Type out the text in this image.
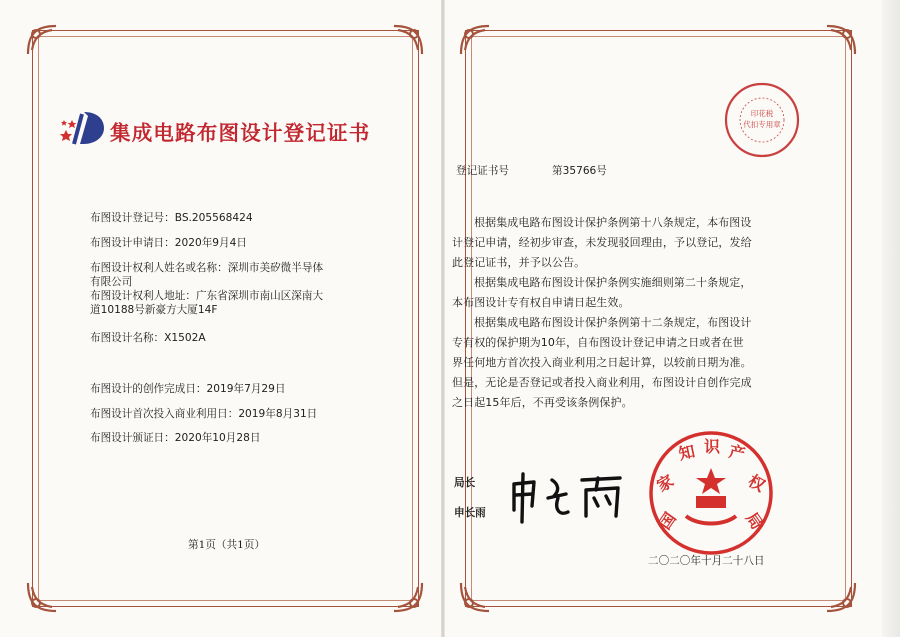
集成电路布图设计登记证书
布图设计登记号：BS.205568424
布图设计申请日：2020年9月4日
布图设计权利人姓名或名称：深圳市美矽微半导体
有限公司
布图设计权利人地址：广东省深圳市南山区深南大
道10188号新豪方大厦14F
布图设计名称：X1502A
布图设计的创作完成日：2019年7月29日
布图设计首次投入商业利用日：2019年8月31日
布图设计颁证日：2020年10月28日
第1页（共1页）
登记证书号	第35766号
根据集成电路布图设计保护条例第十八条规定，本布图设计登记申请，经初步审查，未发现驳回理由，予以登记，发给此登记证书，并予以公告。
根据集成电路布图设计保护条例实施细则第二十条规定，本布图设计专有权自申请日起生效。
根据集成电路布图设计保护条例第十二条规定，布图设计专有权的保护期为10年，自布图设计登记申请之日或者在世界任何地方首次投入商业利用之日起计算，以较前日期为准。但是，无论是否登记或者投入商业利用，布图设计自创作完成之日起15年后，不再受该条例保护。
局长
申长雨	国
家
知 识 产
权
局
印花税
代扣专用章
二〇二〇年十月二十八日
